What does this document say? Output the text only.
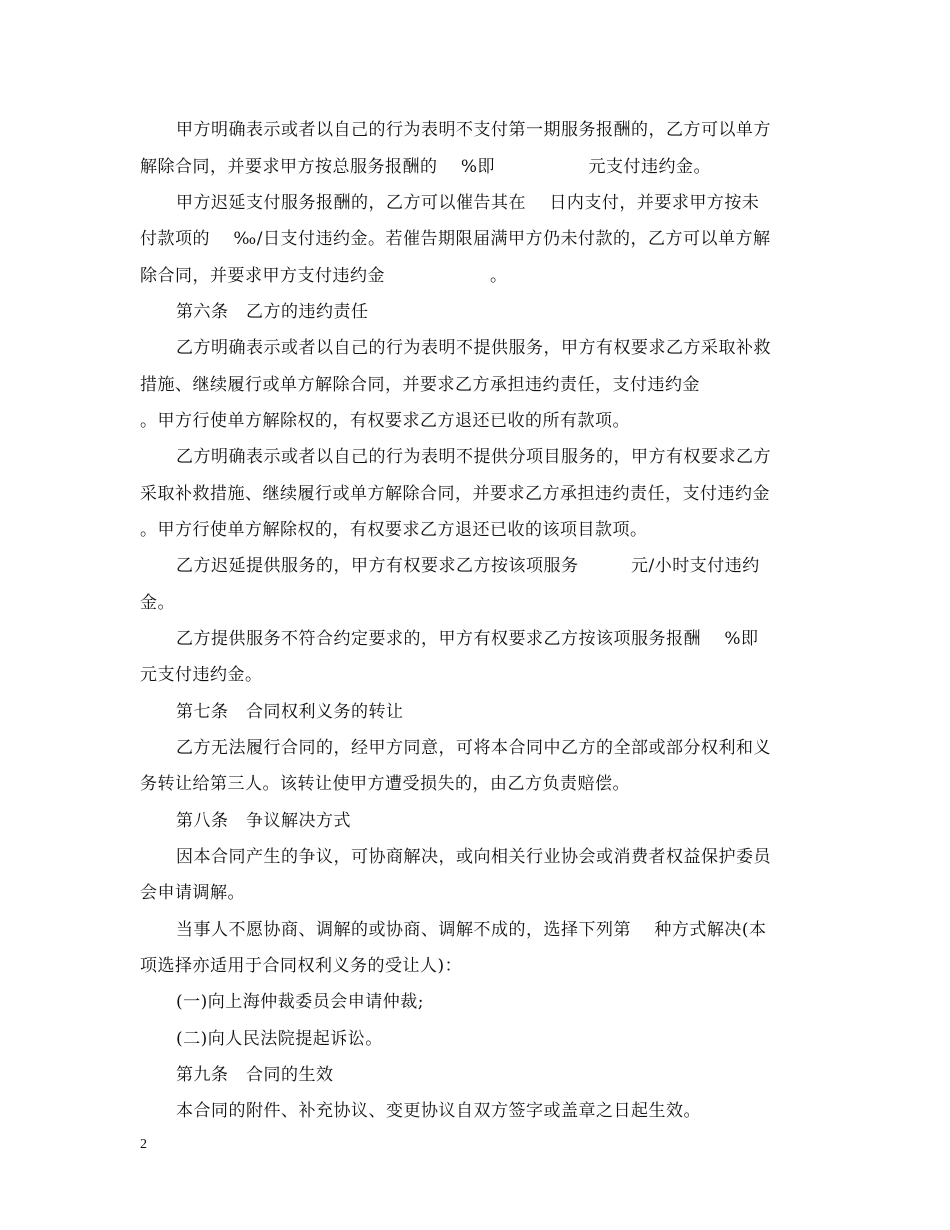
甲方明确表示或者以自己的行为表明不支付第一期服务报酬的，乙方可以单方
解除合同，并要求甲方按总服务报酬的　 %即　　　　　 元支付违约金。
甲方迟延支付服务报酬的，乙方可以催告其在　 日内支付，并要求甲方按未
付款项的　 ‰/日支付违约金。若催告期限届满甲方仍未付款的，乙方可以单方解
除合同，并要求甲方支付违约金　　　　　　。
第六条　乙方的违约责任
乙方明确表示或者以自己的行为表明不提供服务，甲方有权要求乙方采取补救
措施、继续履行或单方解除合同，并要求乙方承担违约责任，支付违约金
。甲方行使单方解除权的，有权要求乙方退还已收的所有款项。
乙方明确表示或者以自己的行为表明不提供分项目服务的，甲方有权要求乙方
采取补救措施、继续履行或单方解除合同，并要求乙方承担违约责任，支付违约金
。甲方行使单方解除权的，有权要求乙方退还已收的该项目款项。
乙方迟延提供服务的，甲方有权要求乙方按该项服务　　　元/小时支付违约
金。
乙方提供服务不符合约定要求的，甲方有权要求乙方按该项服务报酬　 %即
元支付违约金。
第七条　合同权利义务的转让
乙方无法履行合同的，经甲方同意，可将本合同中乙方的全部或部分权利和义
务转让给第三人。该转让使甲方遭受损失的，由乙方负责赔偿。
第八条　争议解决方式
因本合同产生的争议，可协商解决，或向相关行业协会或消费者权益保护委员
会申请调解。
当事人不愿协商、调解的或协商、调解不成的，选择下列第　 种方式解决(本
项选择亦适用于合同权利义务的受让人)：
(一)向上海仲裁委员会申请仲裁;
(二)向人民法院提起诉讼。
第九条　合同的生效
本合同的附件、补充协议、变更协议自双方签字或盖章之日起生效。
2
